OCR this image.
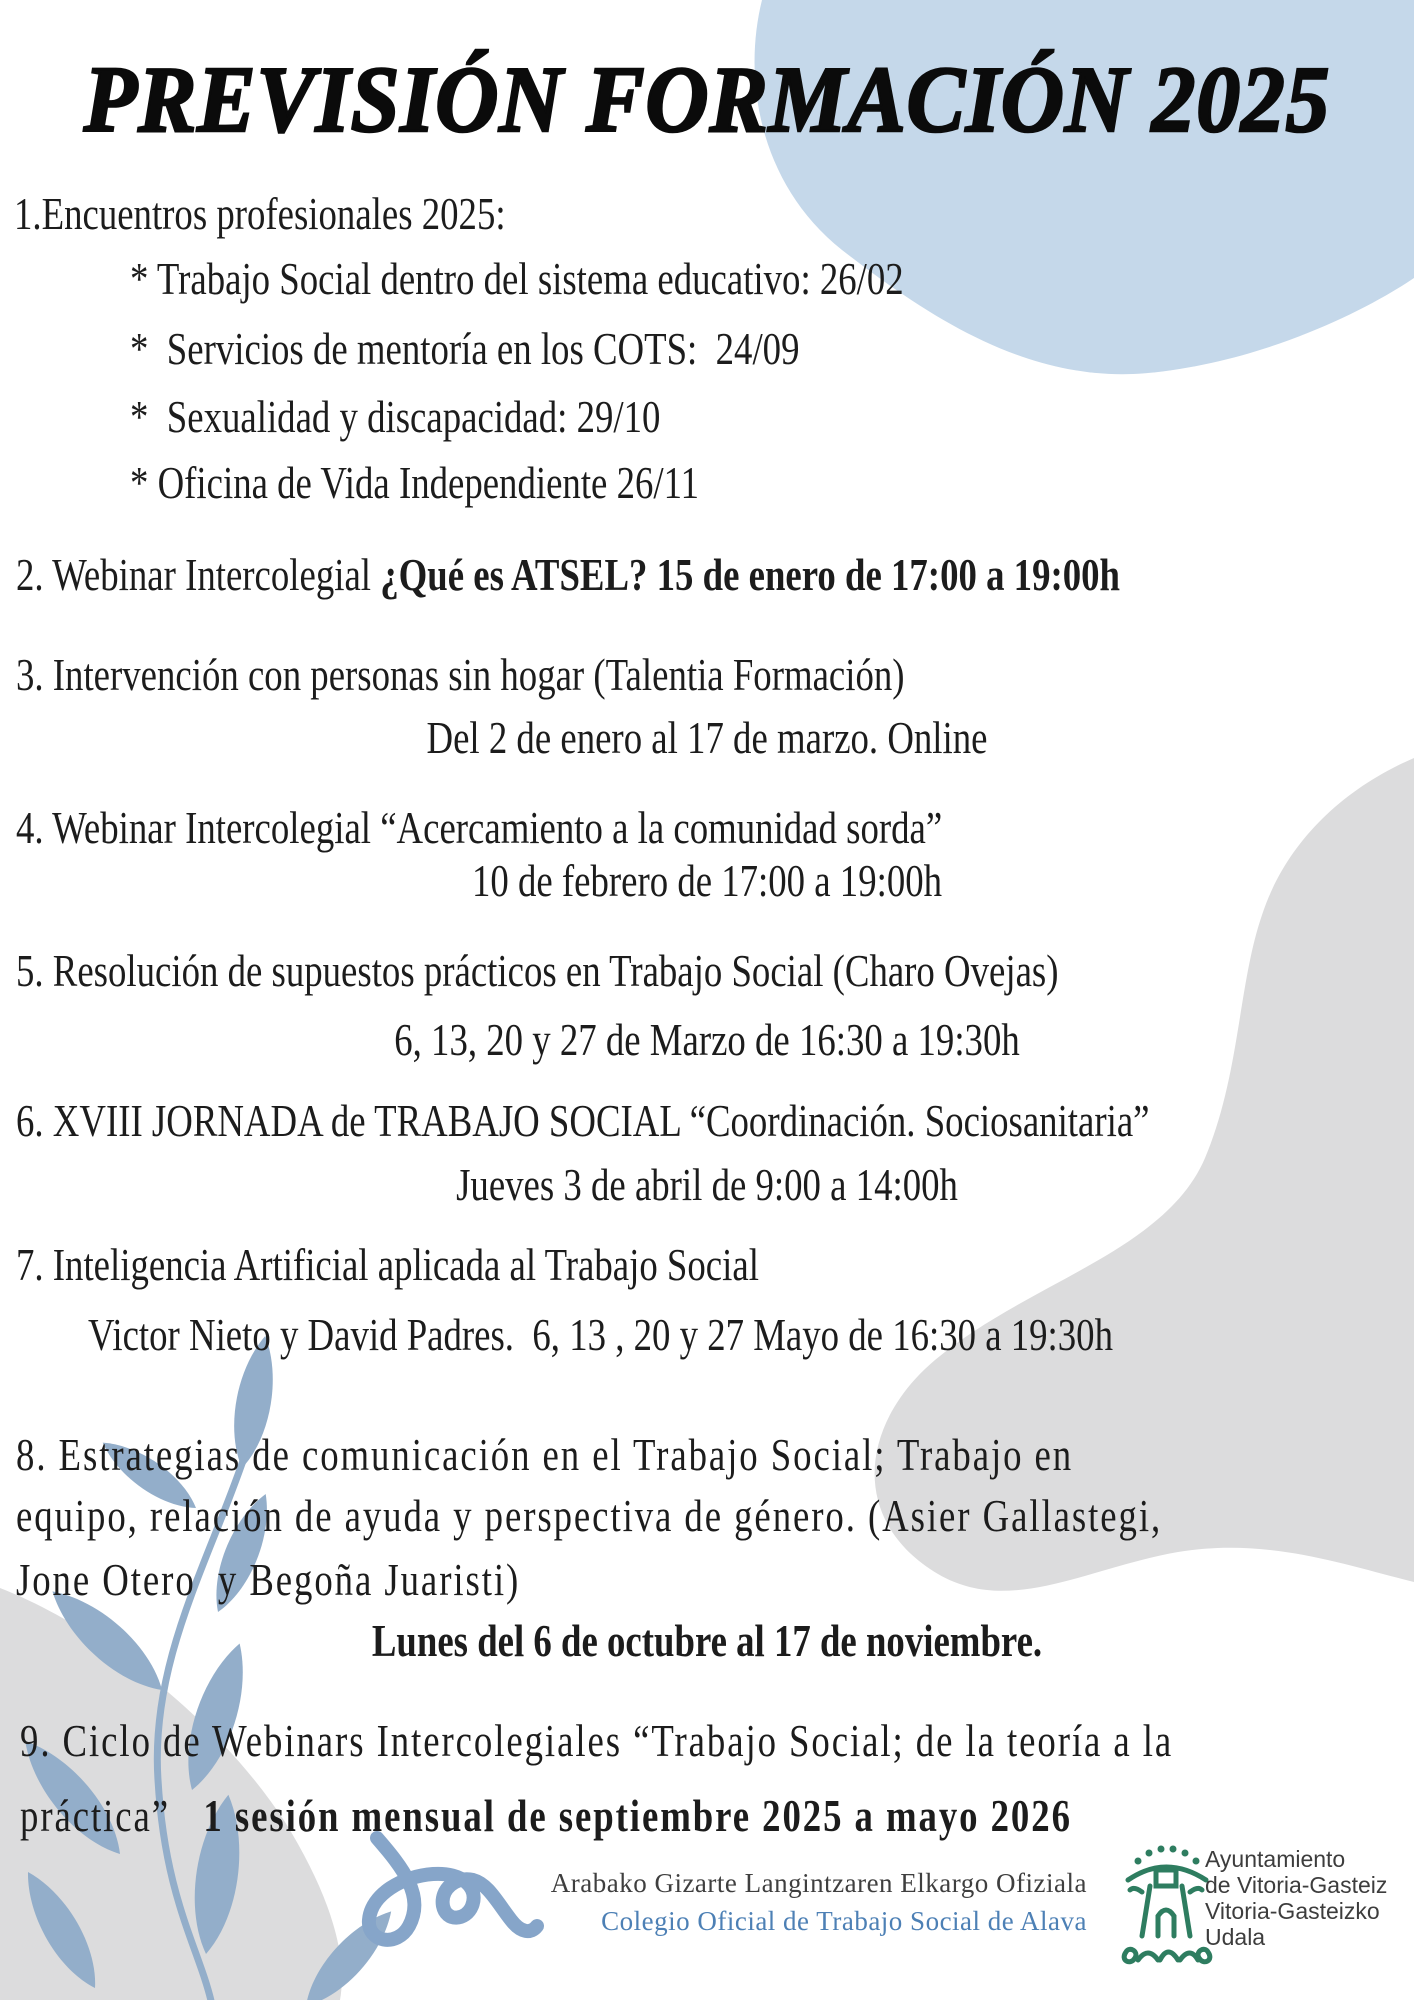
PREVISIÓN FORMACIÓN 2025
1.Encuentros profesionales 2025:
* Trabajo Social dentro del sistema educativo: 26/02
*  Servicios de mentoría en los COTS:  24/09
*  Sexualidad y discapacidad: 29/10
* Oficina de Vida Independiente 26/11
2. Webinar Intercolegial ¿Qué es ATSEL? 15 de enero de 17:00 a 19:00h
3. Intervención con personas sin hogar (Talentia Formación)
Del 2 de enero al 17 de marzo. Online
4. Webinar Intercolegial “Acercamiento a la comunidad sorda”
10 de febrero de 17:00 a 19:00h
5. Resolución de supuestos prácticos en Trabajo Social (Charo Ovejas)
6, 13, 20 y 27 de Marzo de 16:30 a 19:30h
6. XVIII JORNADA de TRABAJO SOCIAL “Coordinación. Sociosanitaria”
Jueves 3 de abril de 9:00 a 14:00h
7. Inteligencia Artificial aplicada al Trabajo Social
Victor Nieto y David Padres.  6, 13 , 20 y 27 Mayo de 16:30 a 19:30h
8. Estrategias de comunicación en el Trabajo Social; Trabajo en
equipo, relación de ayuda y perspectiva de género. (Asier Gallastegi,
Jone Otero  y Begoña Juaristi)
Lunes del 6 de octubre al 17 de noviembre.
9. Ciclo de Webinars Intercolegiales “Trabajo Social; de la teoría a la
práctica”   1 sesión mensual de septiembre 2025 a mayo 2026
Arabako Gizarte Langintzaren Elkargo Ofiziala
Colegio Oficial de Trabajo Social de Alava
Ayuntamiento
de Vitoria-Gasteiz
Vitoria-Gasteizko
Udala
